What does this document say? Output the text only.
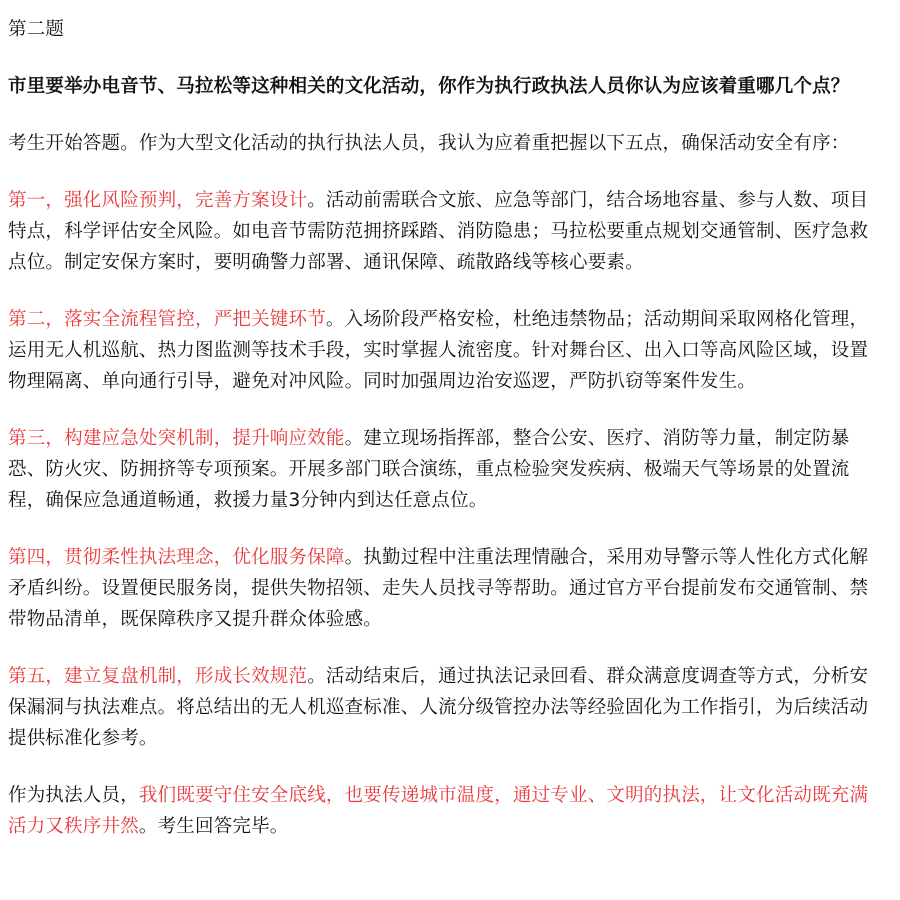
第二题

市里要举办电音节、马拉松等这种相关的文化活动，你作为执行政执法人员你认为应该着重哪几个点？

考生开始答题。作为大型文化活动的执行执法人员，我认为应着重把握以下五点，确保活动安全有序：

第一，强化风险预判，完善方案设计。活动前需联合文旅、应急等部门，结合场地容量、参与人数、项目特点，科学评估安全风险。如电音节需防范拥挤踩踏、消防隐患；马拉松要重点规划交通管制、医疗急救点位。制定安保方案时，要明确警力部署、通讯保障、疏散路线等核心要素。

第二，落实全流程管控，严把关键环节。入场阶段严格安检，杜绝违禁物品；活动期间采取网格化管理，运用无人机巡航、热力图监测等技术手段，实时掌握人流密度。针对舞台区、出入口等高风险区域，设置物理隔离、单向通行引导，避免对冲风险。同时加强周边治安巡逻，严防扒窃等案件发生。

第三，构建应急处突机制，提升响应效能。建立现场指挥部，整合公安、医疗、消防等力量，制定防暴恐、防火灾、防拥挤等专项预案。开展多部门联合演练，重点检验突发疾病、极端天气等场景的处置流程，确保应急通道畅通，救援力量3分钟内到达任意点位。

第四，贯彻柔性执法理念，优化服务保障。执勤过程中注重法理情融合，采用劝导警示等人性化方式化解矛盾纠纷。设置便民服务岗，提供失物招领、走失人员找寻等帮助。通过官方平台提前发布交通管制、禁带物品清单，既保障秩序又提升群众体验感。

第五，建立复盘机制，形成长效规范。活动结束后，通过执法记录回看、群众满意度调查等方式，分析安保漏洞与执法难点。将总结出的无人机巡查标准、人流分级管控办法等经验固化为工作指引，为后续活动提供标准化参考。

作为执法人员，我们既要守住安全底线，也要传递城市温度，通过专业、文明的执法，让文化活动既充满活力又秩序井然。考生回答完毕。
